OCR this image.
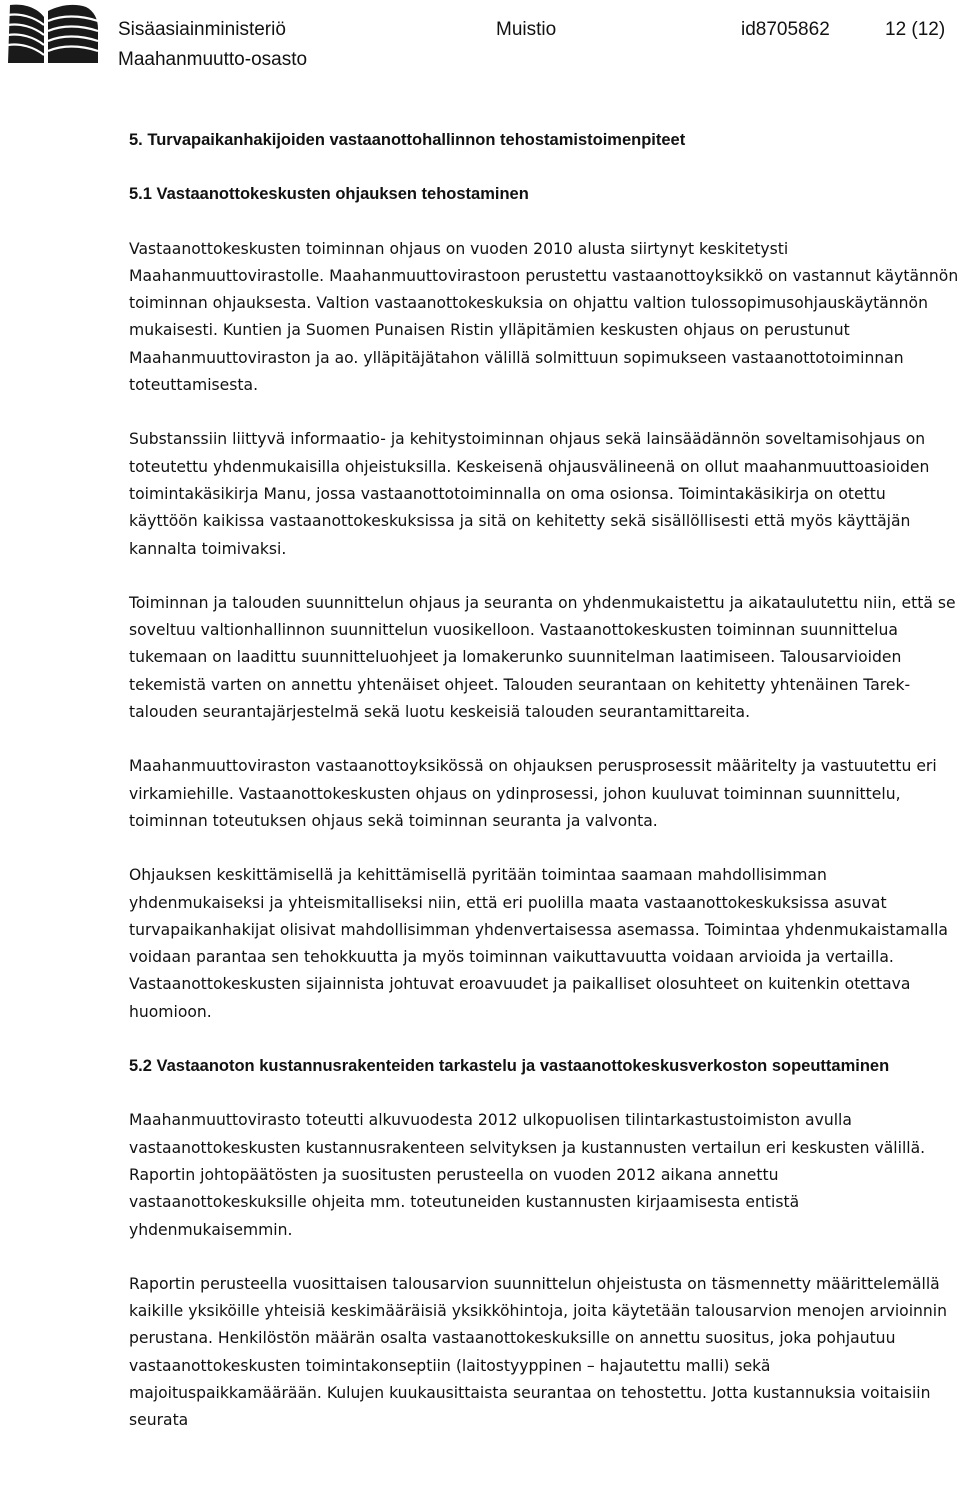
Sisäasiainministeriö
Maahanmuutto-osasto
Muistio	id8705862	12 (12)

5. Turvapaikanhakijoiden vastaanottohallinnon tehostamistoimenpiteet

5.1 Vastaanottokeskusten ohjauksen tehostaminen

Vastaanottokeskusten toiminnan ohjaus on vuoden 2010 alusta siirtynyt keskitetysti Maahanmuuttovirastolle. Maahanmuuttovirastoon perustettu vastaanottoyksikkö on vastannut käytännön toiminnan ohjauksesta. Valtion vastaanottokeskuksia on ohjattu valtion tulossopimusohjauskäytännön mukaisesti. Kuntien ja Suomen Punaisen Ristin ylläpitämien keskusten ohjaus on perustunut Maahanmuuttoviraston ja ao. ylläpitäjätahon välillä solmittuun sopimukseen vastaanottotoiminnan toteuttamisesta.

Substanssiin liittyvä informaatio- ja kehitystoiminnan ohjaus sekä lainsäädännön soveltamisohjaus on toteutettu yhdenmukaisilla ohjeistuksilla. Keskeisenä ohjausvälineenä on ollut maahanmuuttoasioiden toimintakäsikirja Manu, jossa vastaanottotoiminnalla on oma osionsa. Toimintakäsikirja on otettu käyttöön kaikissa vastaanottokeskuksissa ja sitä on kehitetty sekä sisällöllisesti että myös käyttäjän kannalta toimivaksi.

Toiminnan ja talouden suunnittelun ohjaus ja seuranta on yhdenmukaistettu ja aikataulutettu niin, että se soveltuu valtionhallinnon suunnittelun vuosikelloon. Vastaanottokeskusten toiminnan suunnittelua tukemaan on laadittu suunnitteluohjeet ja lomakerunko suunnitelman laatimiseen. Talousarvioiden tekemistä varten on annettu yhtenäiset ohjeet. Talouden seurantaan on kehitetty yhtenäinen Tarek-talouden seurantajärjestelmä sekä luotu keskeisiä talouden seurantamittareita.

Maahanmuuttoviraston vastaanottoyksikössä on ohjauksen perusprosessit määritelty ja vastuutettu eri virkamiehille. Vastaanottokeskusten ohjaus on ydinprosessi, johon kuuluvat toiminnan suunnittelu, toiminnan toteutuksen ohjaus sekä toiminnan seuranta ja valvonta.

Ohjauksen keskittämisellä ja kehittämisellä pyritään toimintaa saamaan mahdollisimman yhdenmukaiseksi ja yhteismitalliseksi niin, että eri puolilla maata vastaanottokeskuksissa asuvat turvapaikanhakijat olisivat mahdollisimman yhdenvertaisessa asemassa. Toimintaa yhdenmukaistamalla voidaan parantaa sen tehokkuutta ja myös toiminnan vaikuttavuutta voidaan arvioida ja vertailla. Vastaanottokeskusten sijainnista johtuvat eroavuudet ja paikalliset olosuhteet on kuitenkin otettava huomioon.

5.2 Vastaanoton kustannusrakenteiden tarkastelu ja vastaanottokeskusverkoston sopeuttaminen

Maahanmuuttovirasto toteutti alkuvuodesta 2012 ulkopuolisen tilintarkastustoimiston avulla vastaanottokeskusten kustannusrakenteen selvityksen ja kustannusten vertailun eri keskusten välillä. Raportin johtopäätösten ja suositusten perusteella on vuoden 2012 aikana annettu vastaanottokeskuksille ohjeita mm. toteutuneiden kustannusten kirjaamisesta entistä yhdenmukaisemmin.

Raportin perusteella vuosittaisen talousarvion suunnittelun ohjeistusta on täsmennetty määrittelemällä kaikille yksiköille yhteisiä keskimääräisiä yksikköhintoja, joita käytetään talousarvion menojen arvioinnin perustana. Henkilöstön määrän osalta vastaanottokeskuksille on annettu suositus, joka pohjautuu vastaanottokeskusten toimintakonseptiin (laitostyyppinen – hajautettu malli) sekä majoituspaikkamäärään. Kulujen kuukausittaista seurantaa on tehostettu. Jotta kustannuksia voitaisiin seurata
